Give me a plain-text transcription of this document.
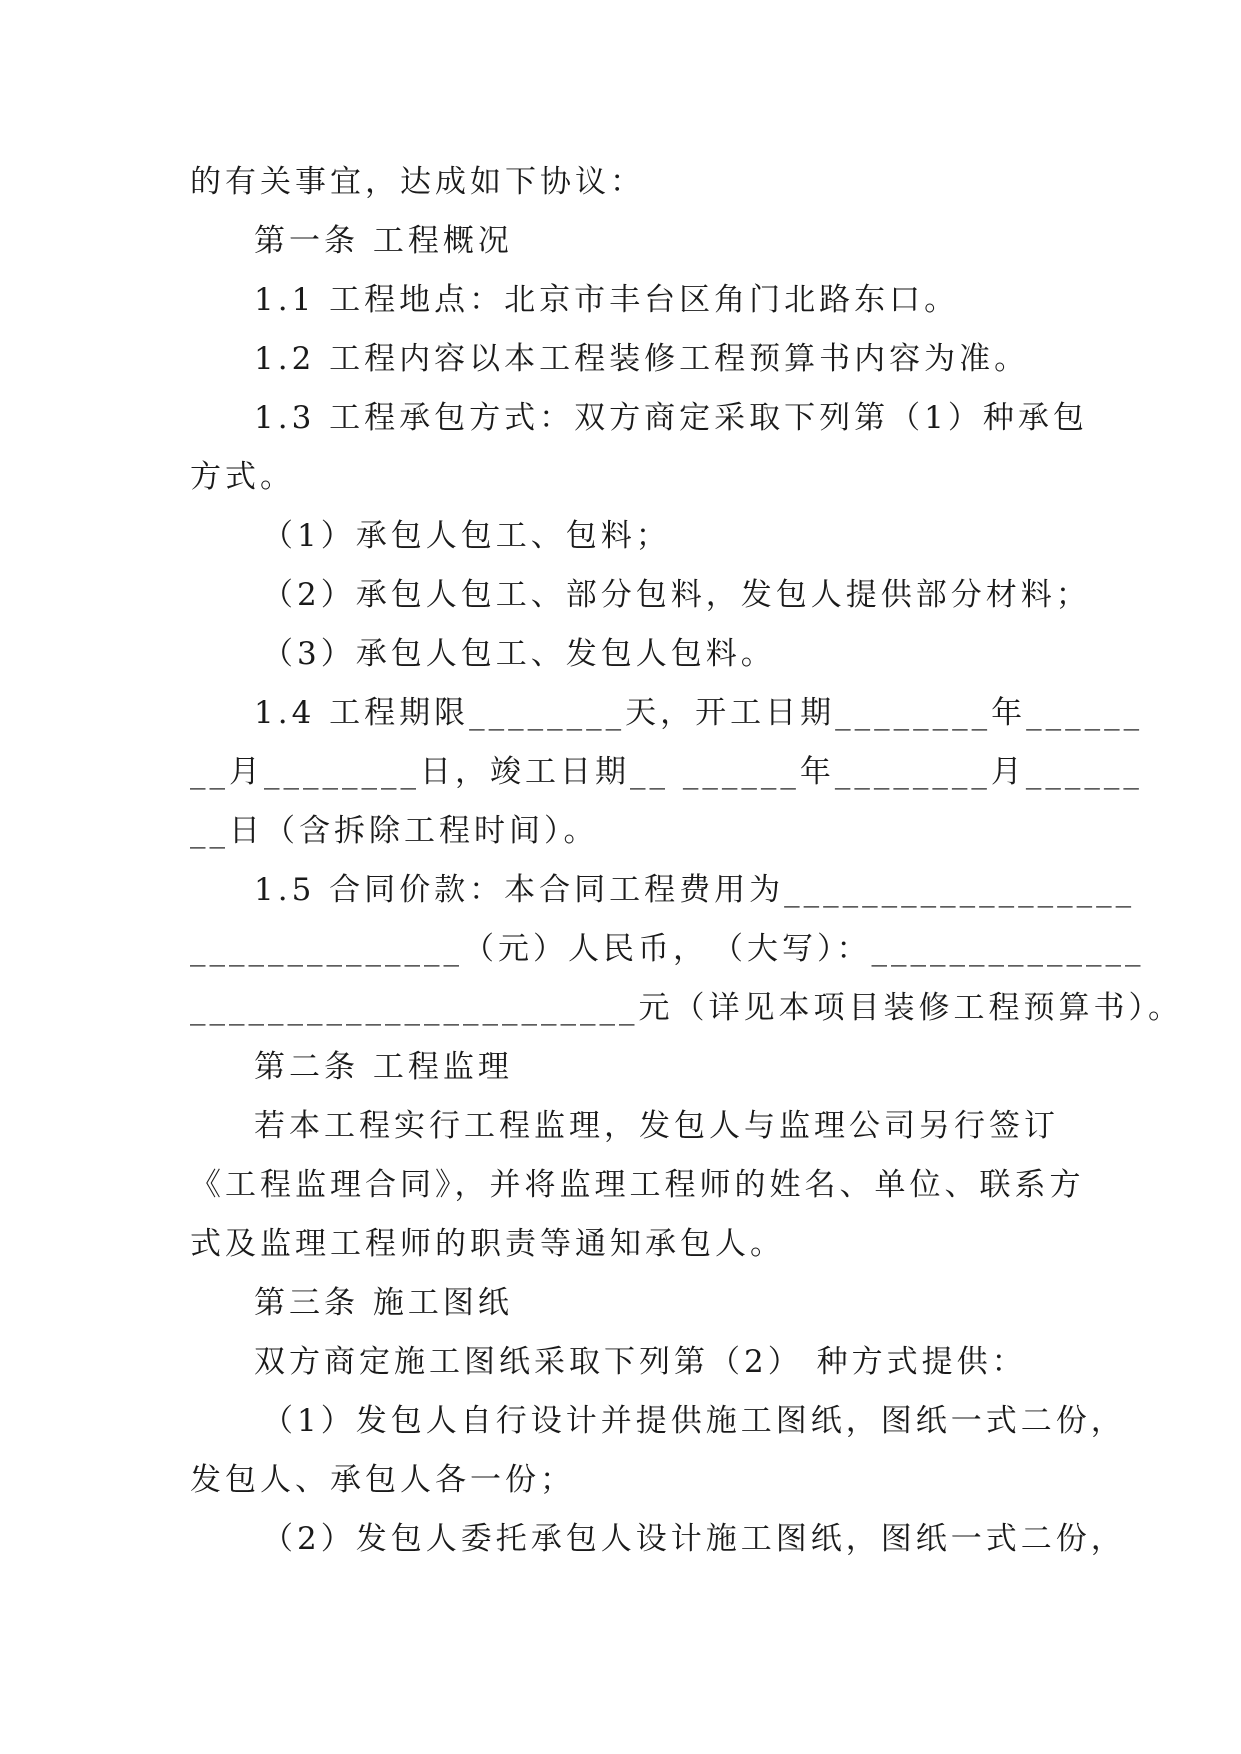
的有关事宜，达成如下协议：
第一条 工程概况
1.1 工程地点：北京市丰台区角门北路东口。
1.2 工程内容以本工程装修工程预算书内容为准。
1.3 工程承包方式：双方商定采取下列第（1）种承包
方式。
（1）承包人包工、包料；
（2）承包人包工、部分包料，发包人提供部分材料；
（3）承包人包工、发包人包料。
1.4 工程期限________天，开工日期________年______
__月________日，竣工日期__ ______年________月______
__日（含拆除工程时间）。
1.5 合同价款：本合同工程费用为__________________
______________（元）人民币，　（大写）：______________
_______________________元（详见本项目装修工程预算书）。
第二条 工程监理
若本工程实行工程监理，发包人与监理公司另行签订
《工程监理合同》，并将监理工程师的姓名、单位、联系方
式及监理工程师的职责等通知承包人。
第三条 施工图纸
双方商定施工图纸采取下列第（2） 种方式提供：
（1）发包人自行设计并提供施工图纸，图纸一式二份，
发包人、承包人各一份；
（2）发包人委托承包人设计施工图纸，图纸一式二份，
